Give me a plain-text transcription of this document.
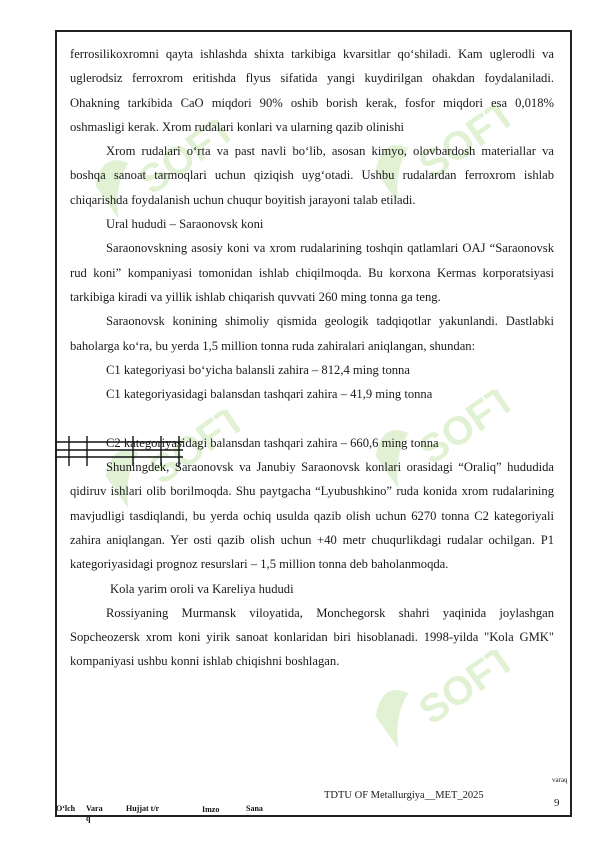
SOFT	SOFT
SOFT	SOFT
SOFT

ferrosilikoxromni qayta ishlashda shixta tarkibiga kvarsitlar qo‘shiladi. Kam uglerodli va uglerodsiz ferroxrom eritishda flyus sifatida yangi kuydirilgan ohakdan foydalaniladi. Ohakning tarkibida CaO miqdori 90% oshib borish kerak, fosfor miqdori esa 0,018% oshmasligi kerak. Xrom rudalari konlari va ularning qazib olinishi

Xrom rudalari o‘rta va past navli bo‘lib, asosan kimyo, olovbardosh materiallar va boshqa sanoat tarmoqlari uchun qiziqish uyg‘otadi. Ushbu rudalardan ferroxrom ishlab chiqarishda foydalanish uchun chuqur boyitish jarayoni talab etiladi.

Ural hududi – Saraonovsk koni

Saraonovskning asosiy koni va xrom rudalarining toshqin qatlamlari OAJ “Saraonovsk rud koni” kompaniyasi tomonidan ishlab chiqilmoqda. Bu korxona Kermas korporatsiyasi tarkibiga kiradi va yillik ishlab chiqarish quvvati 260 ming tonna ga teng.

Saraonovsk konining shimoliy qismida geologik tadqiqotlar yakunlandi. Dastlabki baholarga ko‘ra, bu yerda 1,5 million tonna ruda zahiralari aniqlangan, shundan:

C1 kategoriyasi bo‘yicha balansli zahira – 812,4 ming tonna

C1 kategoriyasidagi balansdan tashqari zahira – 41,9 ming tonna

C2 kategoriyasidagi balansdan tashqari zahira – 660,6 ming tonna

Shuningdek, Saraonovsk va Janubiy Saraonovsk konlari orasidagi “Oraliq” hududida qidiruv ishlari olib borilmoqda. Shu paytgacha “Lyubushkino” ruda konida xrom rudalarining mavjudligi tasdiqlandi, bu yerda ochiq usulda qazib olish uchun 6270 tonna C2 kategoriyali zahira aniqlangan. Yer osti qazib olish uchun +40 metr chuqurlikdagi rudalar ochilgan. P1 kategoriyasidagi prognoz resurslari – 1,5 million tonna deb baholanmoqda.

Kola yarim oroli va Kareliya hududi

Rossiyaning Murmansk viloyatida, Monchegorsk shahri yaqinida joylashgan Sopcheozersk xrom koni yirik sanoat konlaridan biri hisoblanadi. 1998-yilda "Kola GMK" kompaniyasi ushbu konni ishlab chiqishni boshlagan.

TDTU OF Metallurgiya__MET_2025
varaq
9
O‘lch Varaq
Hujjat t/r	Imzo	Sana
